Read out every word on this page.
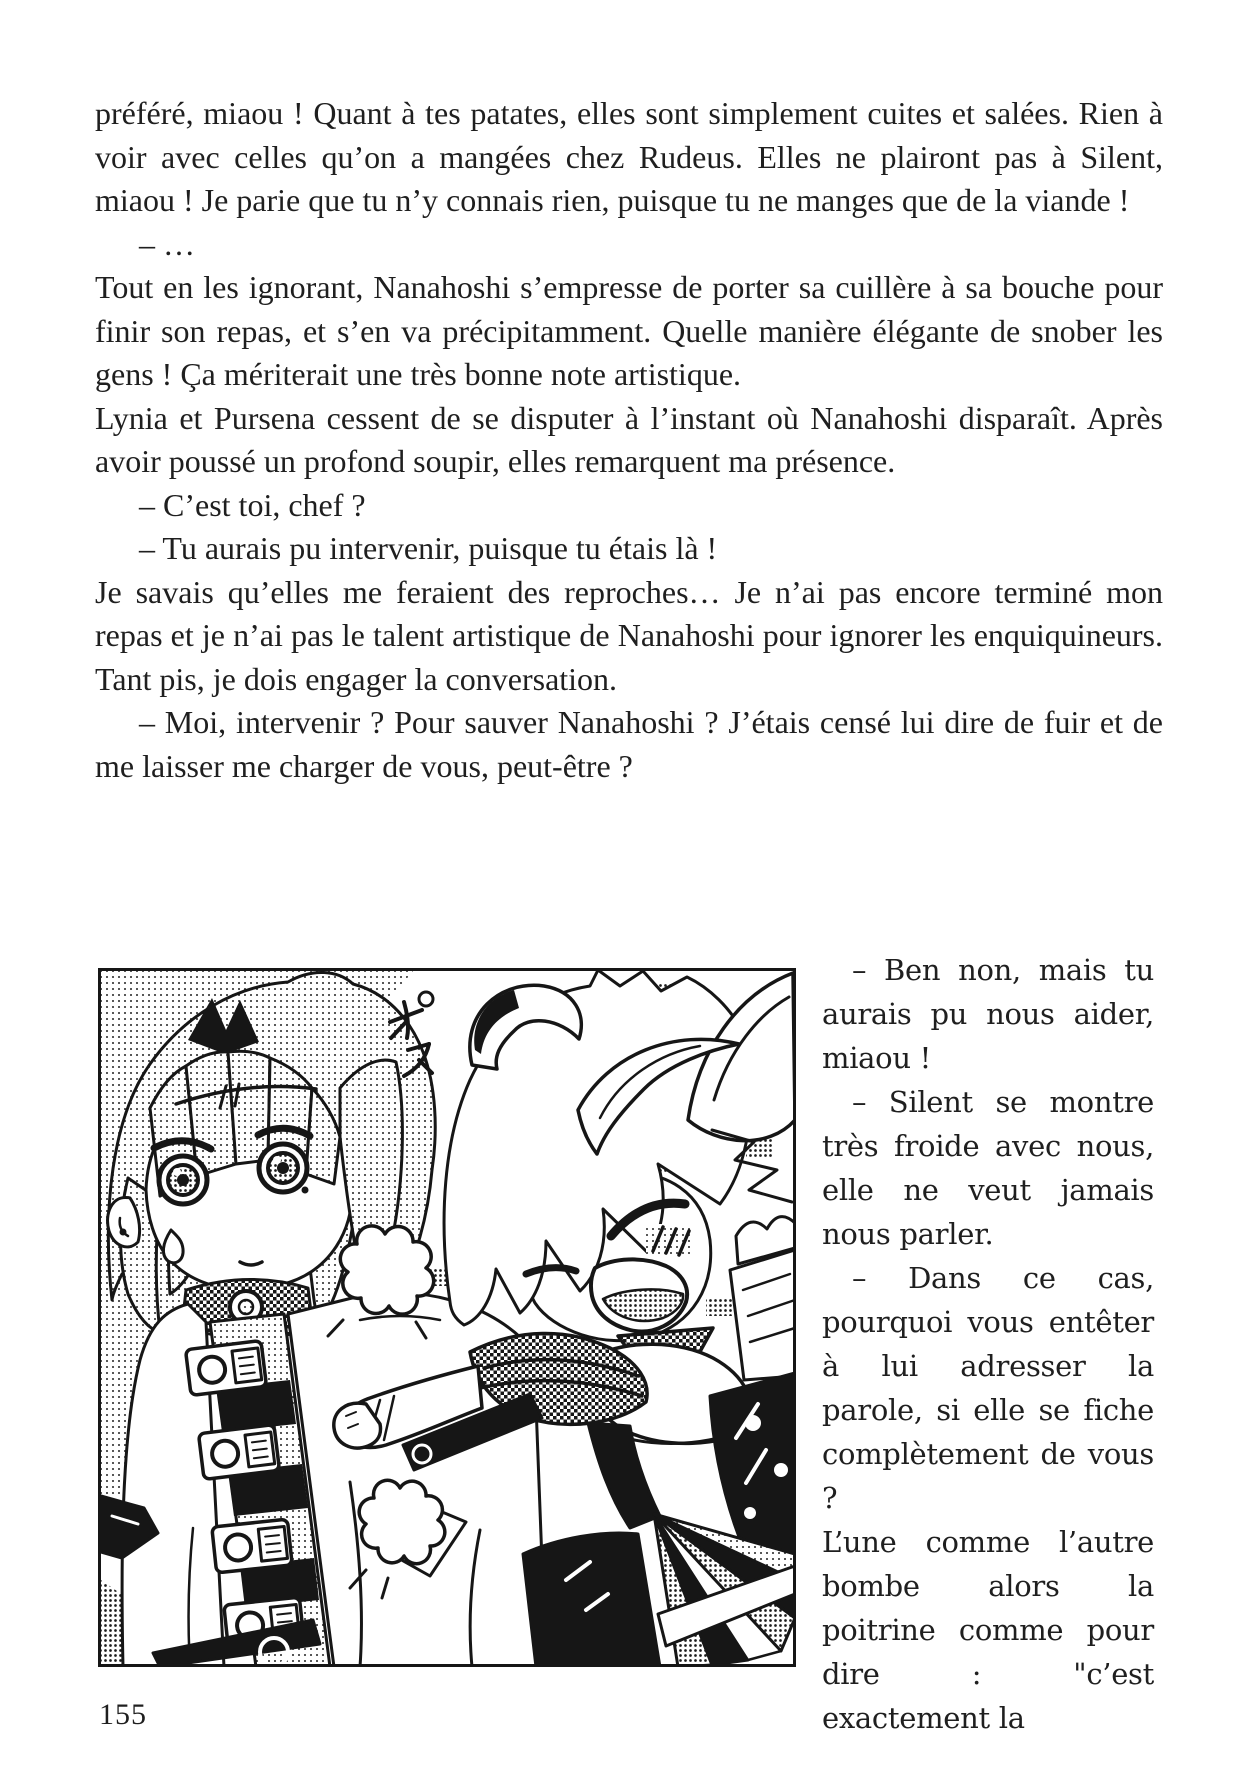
préféré, miaou ! Quant à tes patates, elles sont simplement cuites et salées. Rien à voir avec celles qu’on a mangées chez Rudeus. Elles ne plairont pas à Silent, miaou ! Je parie que tu n’y connais rien, puisque tu ne manges que de la viande !

– …

Tout en les ignorant, Nanahoshi s’empresse de porter sa cuillère à sa bouche pour finir son repas, et s’en va précipitamment. Quelle manière élégante de snober les gens ! Ça mériterait une très bonne note artistique.

Lynia et Pursena cessent de se disputer à l’instant où Nanahoshi disparaît. Après avoir poussé un profond soupir, elles remarquent ma présence.

– C’est toi, chef ?

– Tu aurais pu intervenir, puisque tu étais là !

Je savais qu’elles me feraient des reproches… Je n’ai pas encore terminé mon repas et je n’ai pas le talent artistique de Nanahoshi pour ignorer les enquiquineurs. Tant pis, je dois engager la conversation.

– Moi, intervenir ? Pour sauver Nanahoshi ? J’étais censé lui dire de fuir et de me laisser me charger de vous, peut-être ?

– Ben non, mais tu aurais pu nous aider, miaou !

– Silent se montre très froide avec nous, elle ne veut jamais nous parler.

– Dans ce cas, pourquoi vous entêter à lui adresser la parole, si elle se fiche complètement de vous ?

L’une comme l’autre bombe alors la poitrine comme pour dire : "c’est exactement la

155
